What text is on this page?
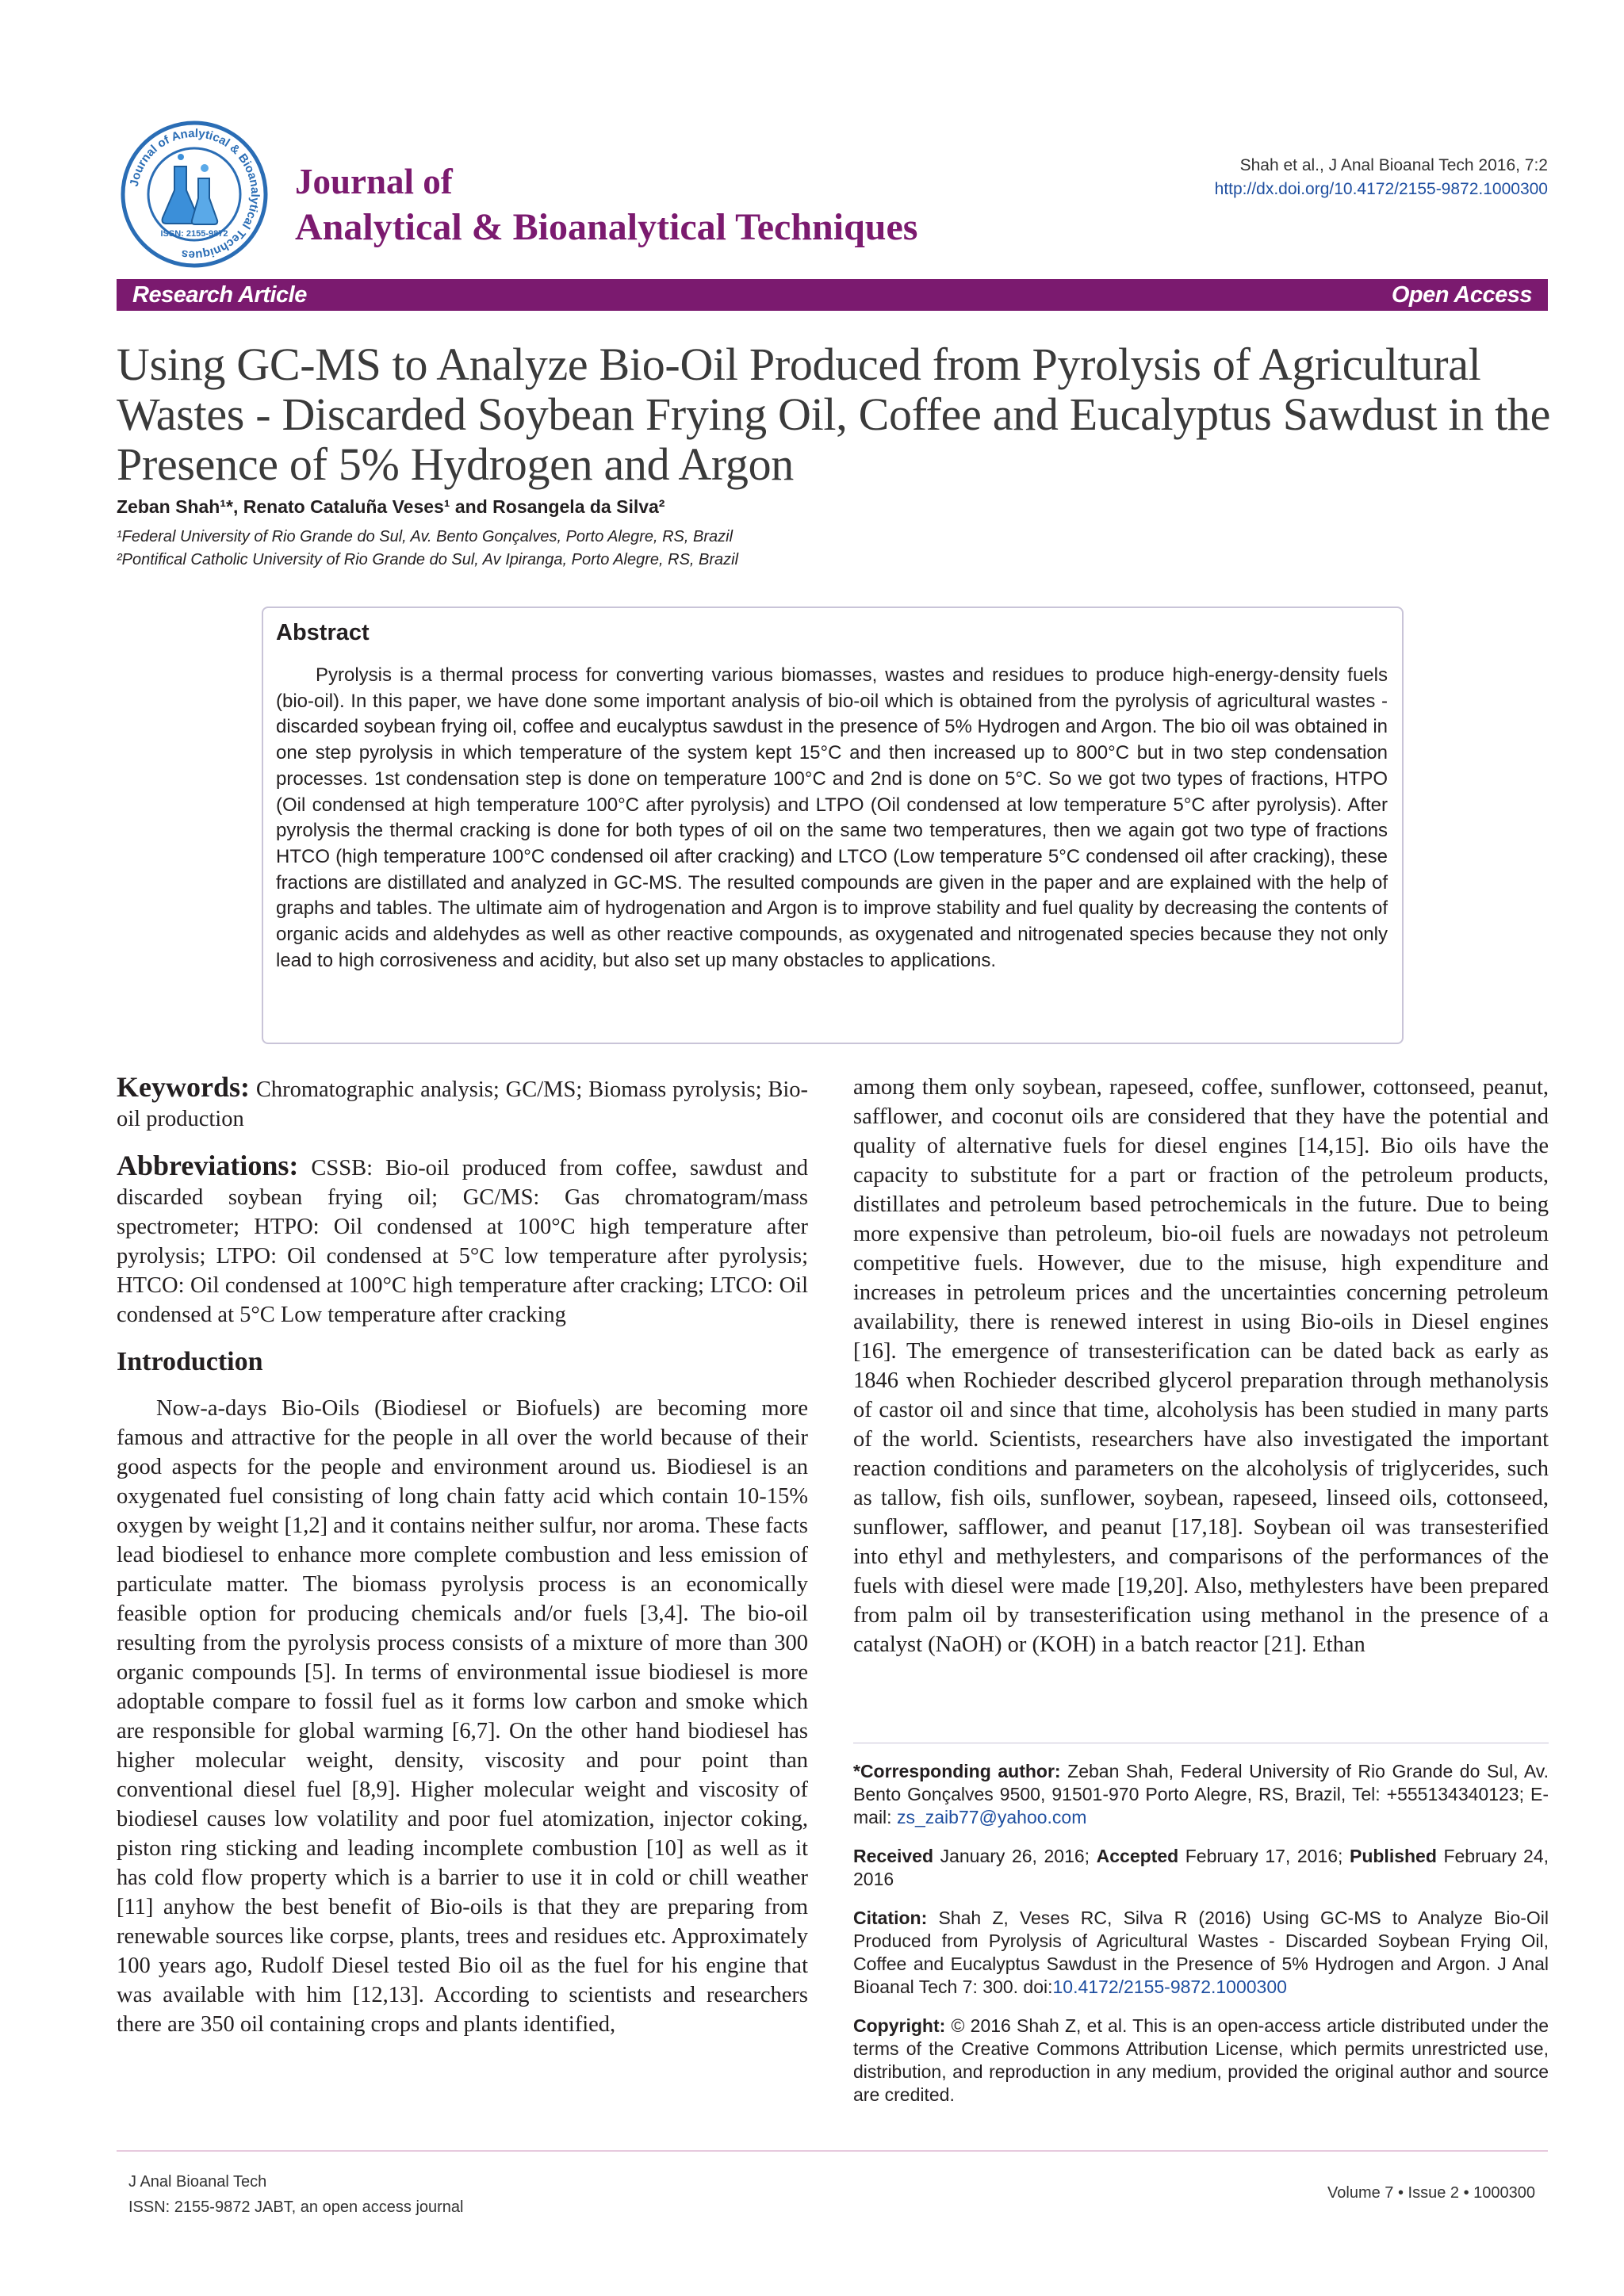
Journal of Analytical & Bioanalytical Techniques
ISSN: 2155-9872
Journal of
Analytical & Bioanalytical Techniques
Shah et al., J Anal Bioanal Tech 2016, 7:2
http://dx.doi.org/10.4172/2155-9872.1000300
Research Article	Open Access
Using GC-MS to Analyze Bio-Oil Produced from Pyrolysis of Agricultural Wastes - Discarded Soybean Frying Oil, Coffee and Eucalyptus Sawdust in the Presence of 5% Hydrogen and Argon
Zeban Shah¹*, Renato Cataluña Veses¹ and Rosangela da Silva²
¹Federal University of Rio Grande do Sul, Av. Bento Gonçalves, Porto Alegre, RS, Brazil
²Pontifical Catholic University of Rio Grande do Sul, Av Ipiranga, Porto Alegre, RS, Brazil
Abstract
Pyrolysis is a thermal process for converting various biomasses, wastes and residues to produce high-energy-density fuels (bio-oil). In this paper, we have done some important analysis of bio-oil which is obtained from the pyrolysis of agricultural wastes - discarded soybean frying oil, coffee and eucalyptus sawdust in the presence of 5% Hydrogen and Argon. The bio oil was obtained in one step pyrolysis in which temperature of the system kept 15°C and then increased up to 800°C but in two step condensation processes. 1st condensation step is done on temperature 100°C and 2nd is done on 5°C. So we got two types of fractions, HTPO (Oil condensed at high temperature 100°C after pyrolysis) and LTPO (Oil condensed at low temperature 5°C after pyrolysis). After pyrolysis the thermal cracking is done for both types of oil on the same two temperatures, then we again got two type of fractions HTCO (high temperature 100°C condensed oil after cracking) and LTCO (Low temperature 5°C condensed oil after cracking), these fractions are distillated and analyzed in GC-MS. The resulted compounds are given in the paper and are explained with the help of graphs and tables. The ultimate aim of hydrogenation and Argon is to improve stability and fuel quality by decreasing the contents of organic acids and aldehydes as well as other reactive compounds, as oxygenated and nitrogenated species because they not only lead to high corrosiveness and acidity, but also set up many obstacles to applications.

Keywords: Chromatographic analysis; GC/MS; Biomass pyrolysis; Bio-oil production

Abbreviations: CSSB: Bio-oil produced from coffee, sawdust and discarded soybean frying oil; GC/MS: Gas chromatogram/mass spectrometer; HTPO: Oil condensed at 100°C high temperature after pyrolysis; LTPO: Oil condensed at 5°C low temperature after pyrolysis; HTCO: Oil condensed at 100°C high temperature after cracking; LTCO: Oil condensed at 5°C Low temperature after cracking

Introduction

Now-a-days Bio-Oils (Biodiesel or Biofuels) are becoming more famous and attractive for the people in all over the world because of their good aspects for the people and environment around us. Biodiesel is an oxygenated fuel consisting of long chain fatty acid which contain 10-15% oxygen by weight [1,2] and it contains neither sulfur, nor aroma. These facts lead biodiesel to enhance more complete combustion and less emission of particulate matter. The biomass pyrolysis process is an economically feasible option for producing chemicals and/or fuels [3,4]. The bio-oil resulting from the pyrolysis process consists of a mixture of more than 300 organic compounds [5]. In terms of environmental issue biodiesel is more adoptable compare to fossil fuel as it forms low carbon and smoke which are responsible for global warming [6,7]. On the other hand biodiesel has higher molecular weight, density, viscosity and pour point than conventional diesel fuel [8,9]. Higher molecular weight and viscosity of biodiesel causes low volatility and poor fuel atomization, injector coking, piston ring sticking and leading incomplete combustion [10] as well as it has cold flow property which is a barrier to use it in cold or chill weather [11] anyhow the best benefit of Bio-oils is that they are preparing from renewable sources like corpse, plants, trees and residues etc. Approximately 100 years ago, Rudolf Diesel tested Bio oil as the fuel for his engine that was available with him [12,13]. According to scientists and researchers there are 350 oil containing crops and plants identified,

among them only soybean, rapeseed, coffee, sunflower, cottonseed, peanut, safflower, and coconut oils are considered that they have the potential and quality of alternative fuels for diesel engines [14,15]. Bio oils have the capacity to substitute for a part or fraction of the petroleum products, distillates and petroleum based petrochemicals in the future. Due to being more expensive than petroleum, bio-oil fuels are nowadays not petroleum competitive fuels. However, due to the misuse, high expenditure and increases in petroleum prices and the uncertainties concerning petroleum availability, there is renewed interest in using Bio-oils in Diesel engines [16]. The emergence of transesterification can be dated back as early as 1846 when Rochieder described glycerol preparation through methanolysis of castor oil and since that time, alcoholysis has been studied in many parts of the world. Scientists, researchers have also investigated the important reaction conditions and parameters on the alcoholysis of triglycerides, such as tallow, fish oils, sunflower, soybean, rapeseed, linseed oils, cottonseed, sunflower, safflower, and peanut [17,18]. Soybean oil was transesterified into ethyl and methylesters, and comparisons of the performances of the fuels with diesel were made [19,20]. Also, methylesters have been prepared from palm oil by transesterification using methanol in the presence of a catalyst (NaOH) or (KOH) in a batch reactor [21]. Ethan

*Corresponding author: Zeban Shah, Federal University of Rio Grande do Sul, Av. Bento Gonçalves 9500, 91501-970 Porto Alegre, RS, Brazil, Tel: +555134340123; E-mail: zs_zaib77@yahoo.com

Received January 26, 2016; Accepted February 17, 2016; Published February 24, 2016

Citation: Shah Z, Veses RC, Silva R (2016) Using GC-MS to Analyze Bio-Oil Produced from Pyrolysis of Agricultural Wastes - Discarded Soybean Frying Oil, Coffee and Eucalyptus Sawdust in the Presence of 5% Hydrogen and Argon. J Anal Bioanal Tech 7: 300. doi:10.4172/2155-9872.1000300

Copyright: © 2016 Shah Z, et al. This is an open-access article distributed under the terms of the Creative Commons Attribution License, which permits unrestricted use, distribution, and reproduction in any medium, provided the original author and source are credited.

J Anal Bioanal Tech
ISSN: 2155-9872 JABT, an open access journal
Volume 7 • Issue 2 • 1000300
